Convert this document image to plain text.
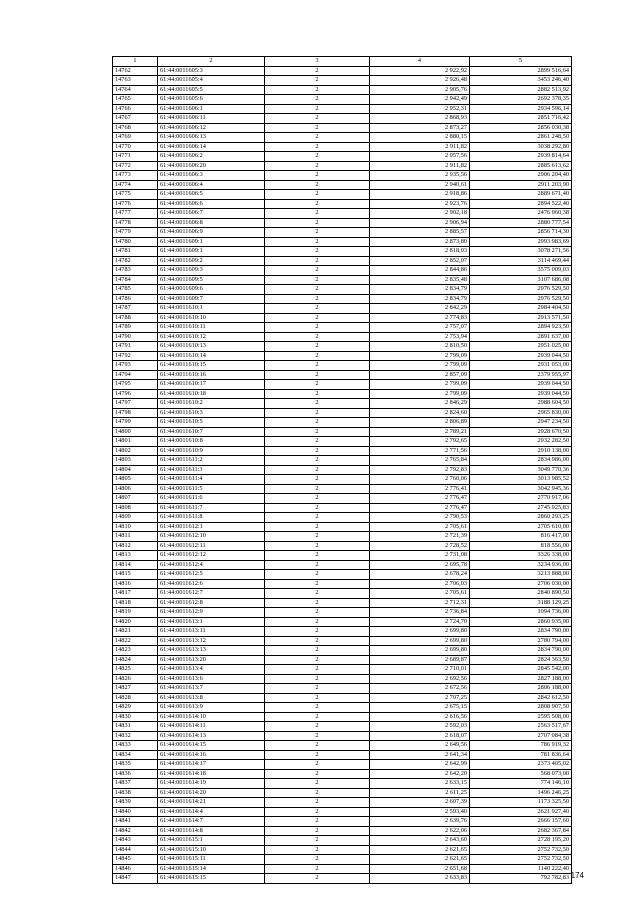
1	2	3	4	5
14762	61:44:0011605:3	2	2 922,92	2899 516,64
14763	61:44:0011605:4	2	2 926,48	3453 246,40
14764	61:44:0011605:5	2	2 905,76	2882 513,92
14765	61:44:0011605:6	2	2 942,49	2692 378,35
14766	61:44:0011606:1	2	2 952,31	2934 596,14
14767	61:44:0011606:11	2	2 868,93	2851 716,42
14768	61:44:0011606:12	2	2 873,27	2856 030,38
14769	61:44:0011606:13	2	2 880,15	2861 248,50
14770	61:44:0011606:14	2	2 911,82	3038 292,80
14771	61:44:0011606:2	2	2 957,56	2939 814,64
14772	61:44:0011606:20	2	2 911,82	2885 613,62
14773	61:44:0011606:3	2	2 935,56	2906 204,40
14774	61:44:0011606:4	2	2 940,61	2911 203,90
14775	61:44:0011606:5	2	2 918,86	2889 671,40
14776	61:44:0011606:6	2	2 923,76	2894 522,40
14777	61:44:0011606:7	2	2 902,18	2476 060,38
14778	61:44:0011606:8	2	2 906,94	2880 777,54
14779	61:44:0011606:9	2	2 885,57	2856 714,30
14780	61:44:0011609:1	2	2 873,80	2993 983,69
14781	61:44:0011609:1	2	2 818,03	3078 271,56
14782	61:44:0011609:2	2	2 852,07	3114 469,44
14783	61:44:0011609:3	2	2 844,86	3575 009,03
14784	61:44:0011609:5	2	2 835,48	3107 686,08
14785	61:44:0011609:6	2	2 834,79	2976 529,50
14786	61:44:0011609:7	2	2 834,79	2976 529,50
14787	61:44:0011610:1	2	2 842,29	2984 404,50
14788	61:44:0011610:10	2	2 774,83	2913 571,50
14789	61:44:0011610:11	2	2 757,07	2894 923,50
14790	61:44:0011610:12	2	2 753,94	2891 637,00
14791	61:44:0011610:13	2	2 810,50	2951 025,00
14792	61:44:0011610:14	2	2 799,09	2939 044,50
14793	61:44:0011610:15	2	2 799,09	2931 053,00
14794	61:44:0011610:16	2	2 857,09	2379 955,97
14795	61:44:0011610:17	2	2 799,09	2939 044,50
14796	61:44:0011610:18	2	2 799,09	2939 044,50
14797	61:44:0011610:2	2	2 846,29	2988 604,50
14798	61:44:0011610:3	2	2 824,60	2965 830,00
14799	61:44:0011610:5	2	2 806,89	2947 234,50
14800	61:44:0011610:7	2	2 789,21	2928 670,50
14801	61:44:0011610:8	2	2 792,65	2932 282,50
14802	61:44:0011610:9	2	2 771,56	2910 138,00
14803	61:44:0011611:2	2	2 765,84	2834 986,00
14804	61:44:0011611:3	2	2 792,83	3049 770,36
14805	61:44:0011611:4	2	2 760,06	3013 985,52
14806	61:44:0011611:5	2	2 776,41	3042 945,36
14807	61:44:0011611:6	2	2 776,47	2770 917,06
14808	61:44:0011611:7	2	2 776,47	2745 925,83
14809	61:44:0011611:8	2	2 790,53	2860 293,25
14810	61:44:0011612:1	2	2 705,61	2705 610,00
14811	61:44:0011612:10	2	2 721,39	816 417,00
14812	61:44:0011612:11	2	2 728,52	818 556,00
14813	61:44:0011612:12	2	2 731,08	3326 338,00
14814	61:44:0011612:4	2	2 695,78	3234 936,00
14815	61:44:0011612:5	2	2 678,24	3213 888,00
14816	61:44:0011612:6	2	2 706,03	2706 030,00
14817	61:44:0011612:7	2	2 705,61	2840 890,50
14818	61:44:0011612:8	2	2 712,31	3188 129,25
14819	61:44:0011612:9	2	2 736,84	1094 736,00
14820	61:44:0011613:1	2	2 724,70	2860 935,00
14821	61:44:0011613:11	2	2 699,80	2834 790,00
14822	61:44:0011613:12	2	2 699,80	2780 794,00
14823	61:44:0011613:13	2	2 699,80	2834 790,00
14824	61:44:0011613:20	2	2 689,87	2824 363,50
14825	61:44:0011613:4	2	2 710,01	2845 542,00
14826	61:44:0011613:6	2	2 692,56	2827 188,00
14827	61:44:0011613:7	2	2 672,56	2806 188,00
14828	61:44:0011613:8	2	2 707,25	2842 612,50
14829	61:44:0011613:9	2	2 675,15	2808 907,50
14830	61:44:0011614:10	2	2 616,56	2595 508,00
14831	61:44:0011614:11	2	2 592,03	2563 517,67
14832	61:44:0011614:13	2	2 618,07	2707 084,38
14833	61:44:0011614:15	2	2 649,56	786 919,32
14834	61:44:0011614:16	2	2 641,34	781 836,64
14835	61:44:0011614:17	2	2 642,99	2373 405,02
14836	61:44:0011614:18	2	2 642,20	568 073,00
14837	61:44:0011614:19	2	2 633,15	774 146,10
14838	61:44:0011614:20	2	2 611,25	1496 246,25
14839	61:44:0011614:21	2	2 607,39	1173 325,50
14840	61:44:0011614:4	2	2 593,40	2621 927,40
14841	61:44:0011614:7	2	2 639,76	2666 157,60
14842	61:44:0011614:8	2	2 622,06	2682 367,84
14843	61:44:0011615:1	2	2 643,60	2728 195,20
14844	61:44:0011615:10	2	2 621,65	2752 732,50
14845	61:44:0011615:11	2	2 621,65	2752 732,50
14846	61:44:0011615:14	2	2 651,68	1140 222,40
14847	61:44:0011615:15	2	2 633,83	792 782,83 174
